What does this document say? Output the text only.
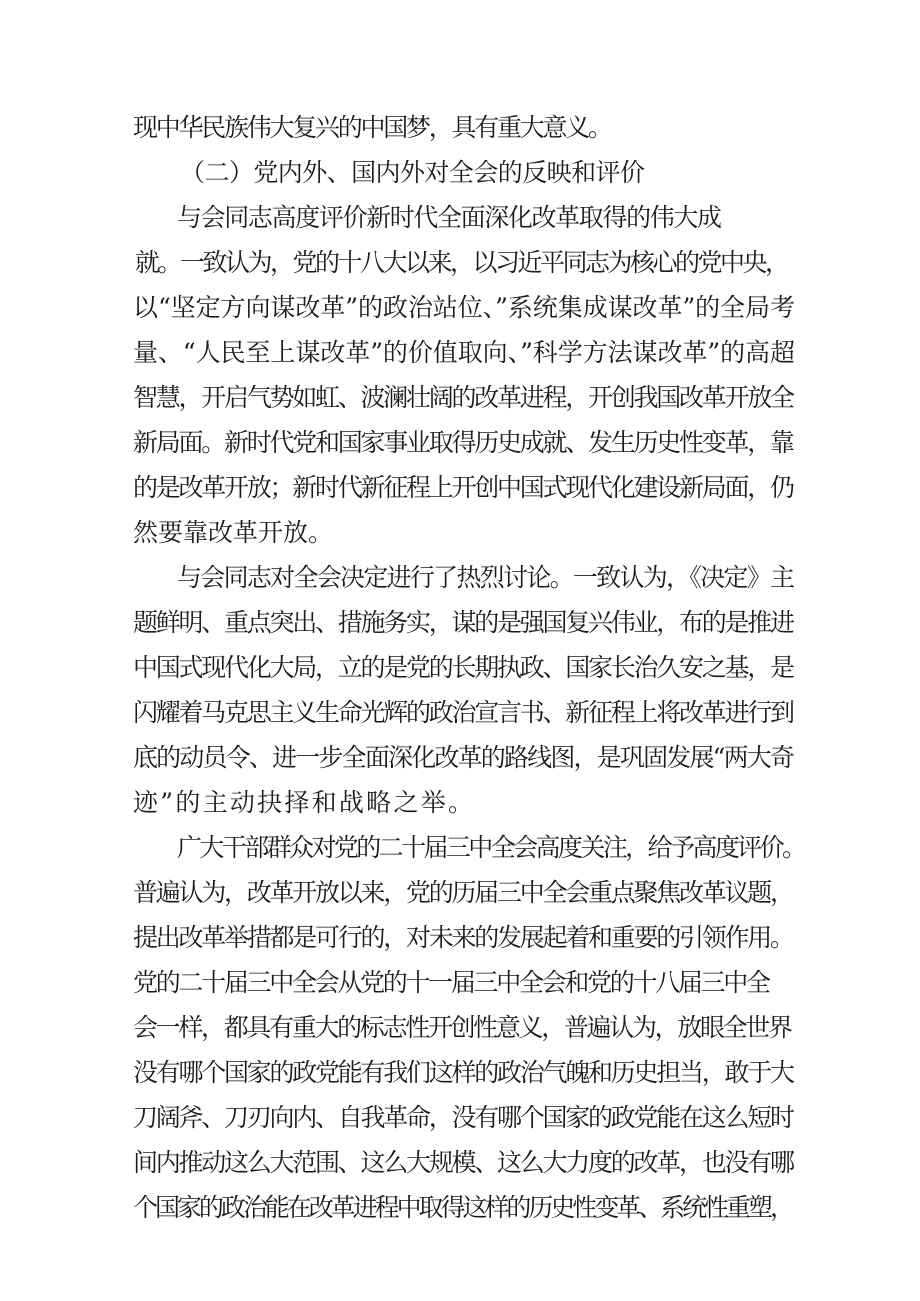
现中华民族伟大复兴的中国梦，具有重大意义。
（二）党内外、国内外对全会的反映和评价
与会同志高度评价新时代全面深化改革取得的伟大成
就。一致认为，党的十八大以来，以习近平同志为核心的党中央，
以“坚定方向谋改革”的政治站位、”系统集成谋改革”的全局考
量、“人民至上谋改革”的价值取向、”科学方法谋改革”的高超
智慧，开启气势如虹、波澜壮阔的改革进程，开创我国改革开放全
新局面。新时代党和国家事业取得历史成就、发生历史性变革，靠
的是改革开放；新时代新征程上开创中国式现代化建设新局面，仍
然要靠改革开放。
与会同志对全会决定进行了热烈讨论。一致认为，《决定》主
题鲜明、重点突出、措施务实，谋的是强国复兴伟业，布的是推进
中国式现代化大局，立的是党的长期执政、国家长治久安之基，是
闪耀着马克思主义生命光辉的政治宣言书、新征程上将改革进行到
底的动员令、进一步全面深化改革的路线图，是巩固发展“两大奇
迹”的主动抉择和战略之举。
广大干部群众对党的二十届三中全会高度关注，给予高度评价。
普遍认为，改革开放以来，党的历届三中全会重点聚焦改革议题，
提出改革举措都是可行的，对未来的发展起着和重要的引领作用。
党的二十届三中全会从党的十一届三中全会和党的十八届三中全
会一样，都具有重大的标志性开创性意义，普遍认为，放眼全世界
没有哪个国家的政党能有我们这样的政治气魄和历史担当，敢于大
刀阔斧、刀刃向内、自我革命，没有哪个国家的政党能在这么短时
间内推动这么大范围、这么大规模、这么大力度的改革，也没有哪
个国家的政治能在改革进程中取得这样的历史性变革、系统性重塑，
